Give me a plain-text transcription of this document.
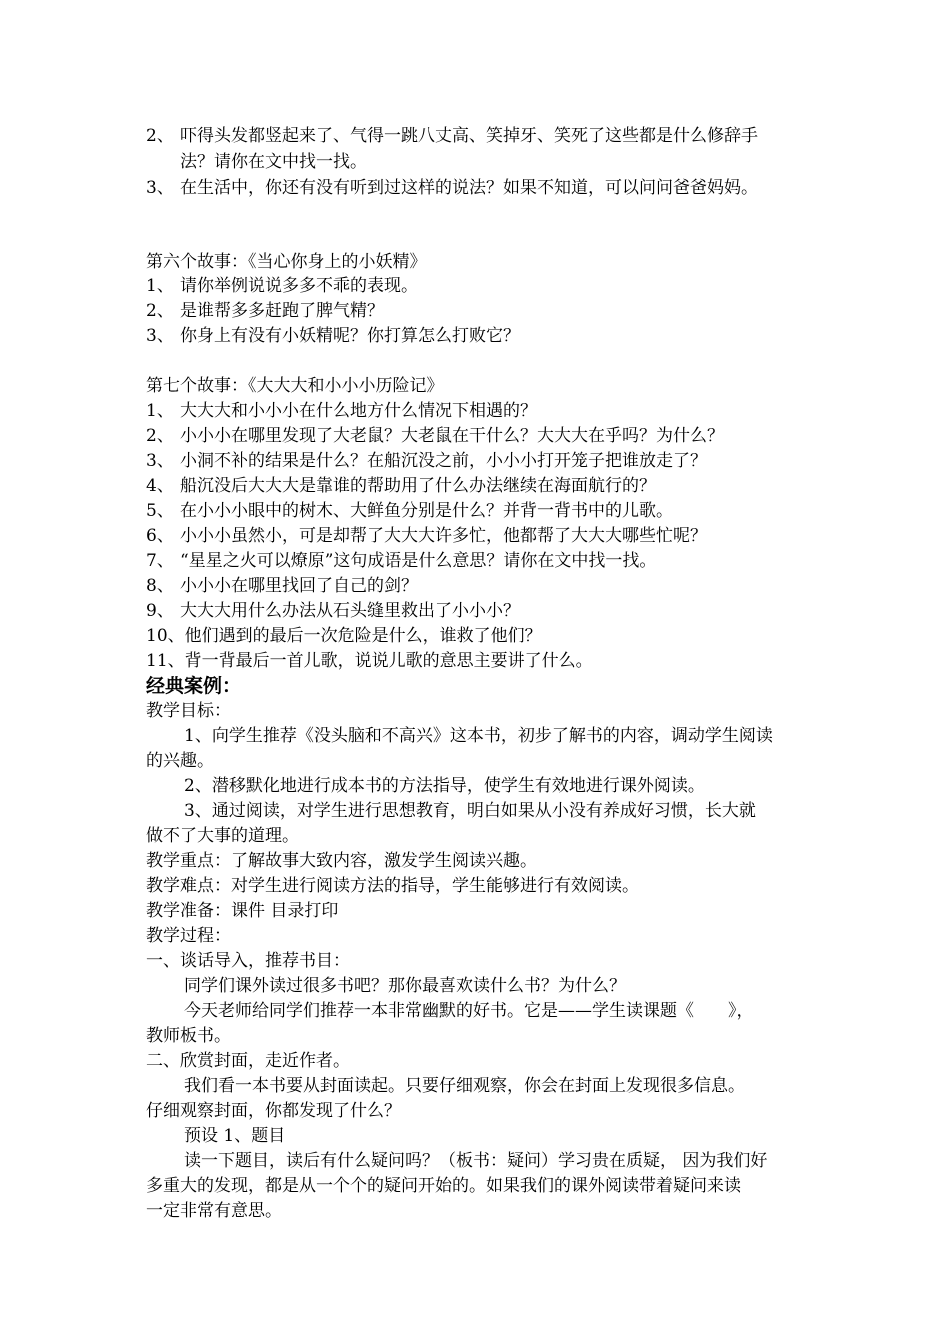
2、 吓得头发都竖起来了、气得一跳八丈高、笑掉牙、笑死了这些都是什么修辞手
法？请你在文中找一找。
3、 在生活中，你还有没有听到过这样的说法？如果不知道，可以问问爸爸妈妈。
第六个故事：《当心你身上的小妖精》
1、 请你举例说说多多不乖的表现。
2、 是谁帮多多赶跑了脾气精？
3、 你身上有没有小妖精呢？你打算怎么打败它？
第七个故事：《大大大和小小小历险记》
1、 大大大和小小小在什么地方什么情况下相遇的？
2、 小小小在哪里发现了大老鼠？大老鼠在干什么？大大大在乎吗？为什么？
3、 小洞不补的结果是什么？在船沉没之前，小小小打开笼子把谁放走了？
4、 船沉没后大大大是靠谁的帮助用了什么办法继续在海面航行的？
5、 在小小小眼中的树木、大鲜鱼分别是什么？并背一背书中的儿歌。
6、 小小小虽然小，可是却帮了大大大许多忙，他都帮了大大大哪些忙呢？
7、 “星星之火可以燎原”这句成语是什么意思？请你在文中找一找。
8、 小小小在哪里找回了自己的剑？
9、 大大大用什么办法从石头缝里救出了小小小？
10、他们遇到的最后一次危险是什么，谁救了他们？
11、背一背最后一首儿歌，说说儿歌的意思主要讲了什么。
经典案例：
教学目标：
1、向学生推荐《没头脑和不高兴》这本书，初步了解书的内容，调动学生阅读
的兴趣。
2、潜移默化地进行成本书的方法指导，使学生有效地进行课外阅读。
3、通过阅读，对学生进行思想教育，明白如果从小没有养成好习惯，长大就
做不了大事的道理。
教学重点：了解故事大致内容，激发学生阅读兴趣。
教学难点：对学生进行阅读方法的指导，学生能够进行有效阅读。
教学准备：课件 目录打印
教学过程：
一、谈话导入，推荐书目：
同学们课外读过很多书吧？那你最喜欢读什么书？为什么？
今天老师给同学们推荐一本非常幽默的好书。它是——学生读课题《　　》，
教师板书。
二、欣赏封面，走近作者。
我们看一本书要从封面读起。只要仔细观察，你会在封面上发现很多信息。
仔细观察封面，你都发现了什么？
预设 1、题目
读一下题目，读后有什么疑问吗？（板书：疑问）学习贵在质疑， 因为我们好
多重大的发现，都是从一个个的疑问开始的。如果我们的课外阅读带着疑问来读
一定非常有意思。
